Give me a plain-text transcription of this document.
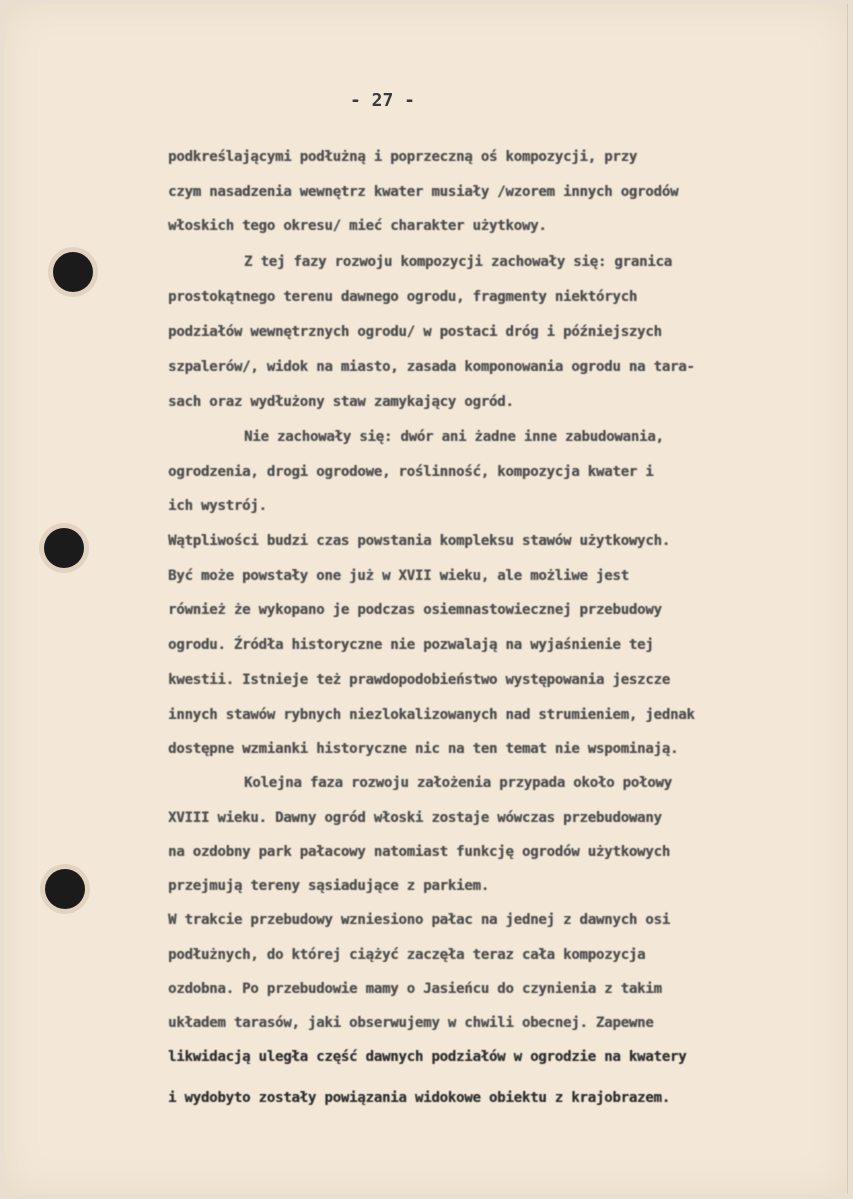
- 27 -
podkreślającymi podłużną i poprzeczną oś kompozycji, przy
czym nasadzenia wewnętrz kwater musiały /wzorem innych ogrodów
włoskich tego okresu/ mieć charakter użytkowy.
Z tej fazy rozwoju kompozycji zachowały się: granica
prostokątnego terenu dawnego ogrodu, fragmenty niektórych
podziałów wewnętrznych ogrodu/ w postaci dróg i późniejszych
szpalerów/, widok na miasto, zasada komponowania ogrodu na tara-
sach oraz wydłużony staw zamykający ogród.
Nie zachowały się: dwór ani żadne inne zabudowania,
ogrodzenia, drogi ogrodowe, roślinność, kompozycja kwater i
ich wystrój.
Wątpliwości budzi czas powstania kompleksu stawów użytkowych.
Być może powstały one już w XVII wieku, ale możliwe jest
również że wykopano je podczas osiemnastowiecznej przebudowy
ogrodu. Źródła historyczne nie pozwalają na wyjaśnienie tej
kwestii. Istnieje też prawdopodobieństwo występowania jeszcze
innych stawów rybnych niezlokalizowanych nad strumieniem, jednak
dostępne wzmianki historyczne nic na ten temat nie wspominają.
Kolejna faza rozwoju założenia przypada około połowy
XVIII wieku. Dawny ogród włoski zostaje wówczas przebudowany
na ozdobny park pałacowy natomiast funkcję ogrodów użytkowych
przejmują tereny sąsiadujące z parkiem.
W trakcie przebudowy wzniesiono pałac na jednej z dawnych osi
podłużnych, do której ciążyć zaczęła teraz cała kompozycja
ozdobna. Po przebudowie mamy o Jasieńcu do czynienia z takim
układem tarasów, jaki obserwujemy w chwili obecnej. Zapewne
likwidacją uległa część dawnych podziałów w ogrodzie na kwatery
i wydobyto zostały powiązania widokowe obiektu z krajobrazem.
